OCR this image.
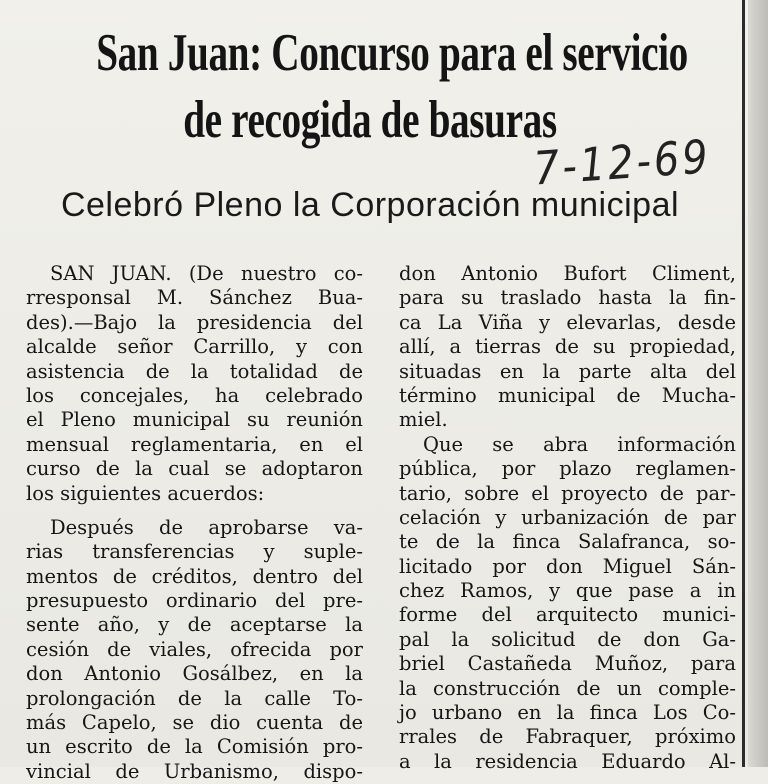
San Juan: Concurso para el servicio
de recogida de basuras
7-12-69
Celebró Pleno la Corporación municipal
SAN JUAN. (De nuestro co-
rresponsal M. Sánchez Bua-
des).—Bajo la presidencia del
alcalde señor Carrillo, y con
asistencia de la totalidad de
los concejales, ha celebrado
el Pleno municipal su reunión
mensual reglamentaria, en el
curso de la cual se adoptaron
los siguientes acuerdos:
Después de aprobarse va-
rias transferencias y suple-
mentos de créditos, dentro del
presupuesto ordinario del pre-
sente año, y de aceptarse la
cesión de viales, ofrecida por
don Antonio Gosálbez, en la
prolongación de la calle To-
más Capelo, se dio cuenta de
un escrito de la Comisión pro-
vincial de Urbanismo, dispo-
don Antonio Bufort Climent,
para su traslado hasta la fin-
ca La Viña y elevarlas, desde
allí, a tierras de su propiedad,
situadas en la parte alta del
término municipal de Mucha-
miel.
Que se abra información
pública, por plazo reglamen-
tario, sobre el proyecto de par-
celación y urbanización de par
te de la finca Salafranca, so-
licitado por don Miguel Sán-
chez Ramos, y que pase a in
forme del arquitecto munici-
pal la solicitud de don Ga-
briel Castañeda Muñoz, para
la construcción de un comple-
jo urbano en la finca Los Co-
rrales de Fabraquer, próximo
a la residencia Eduardo Al-
